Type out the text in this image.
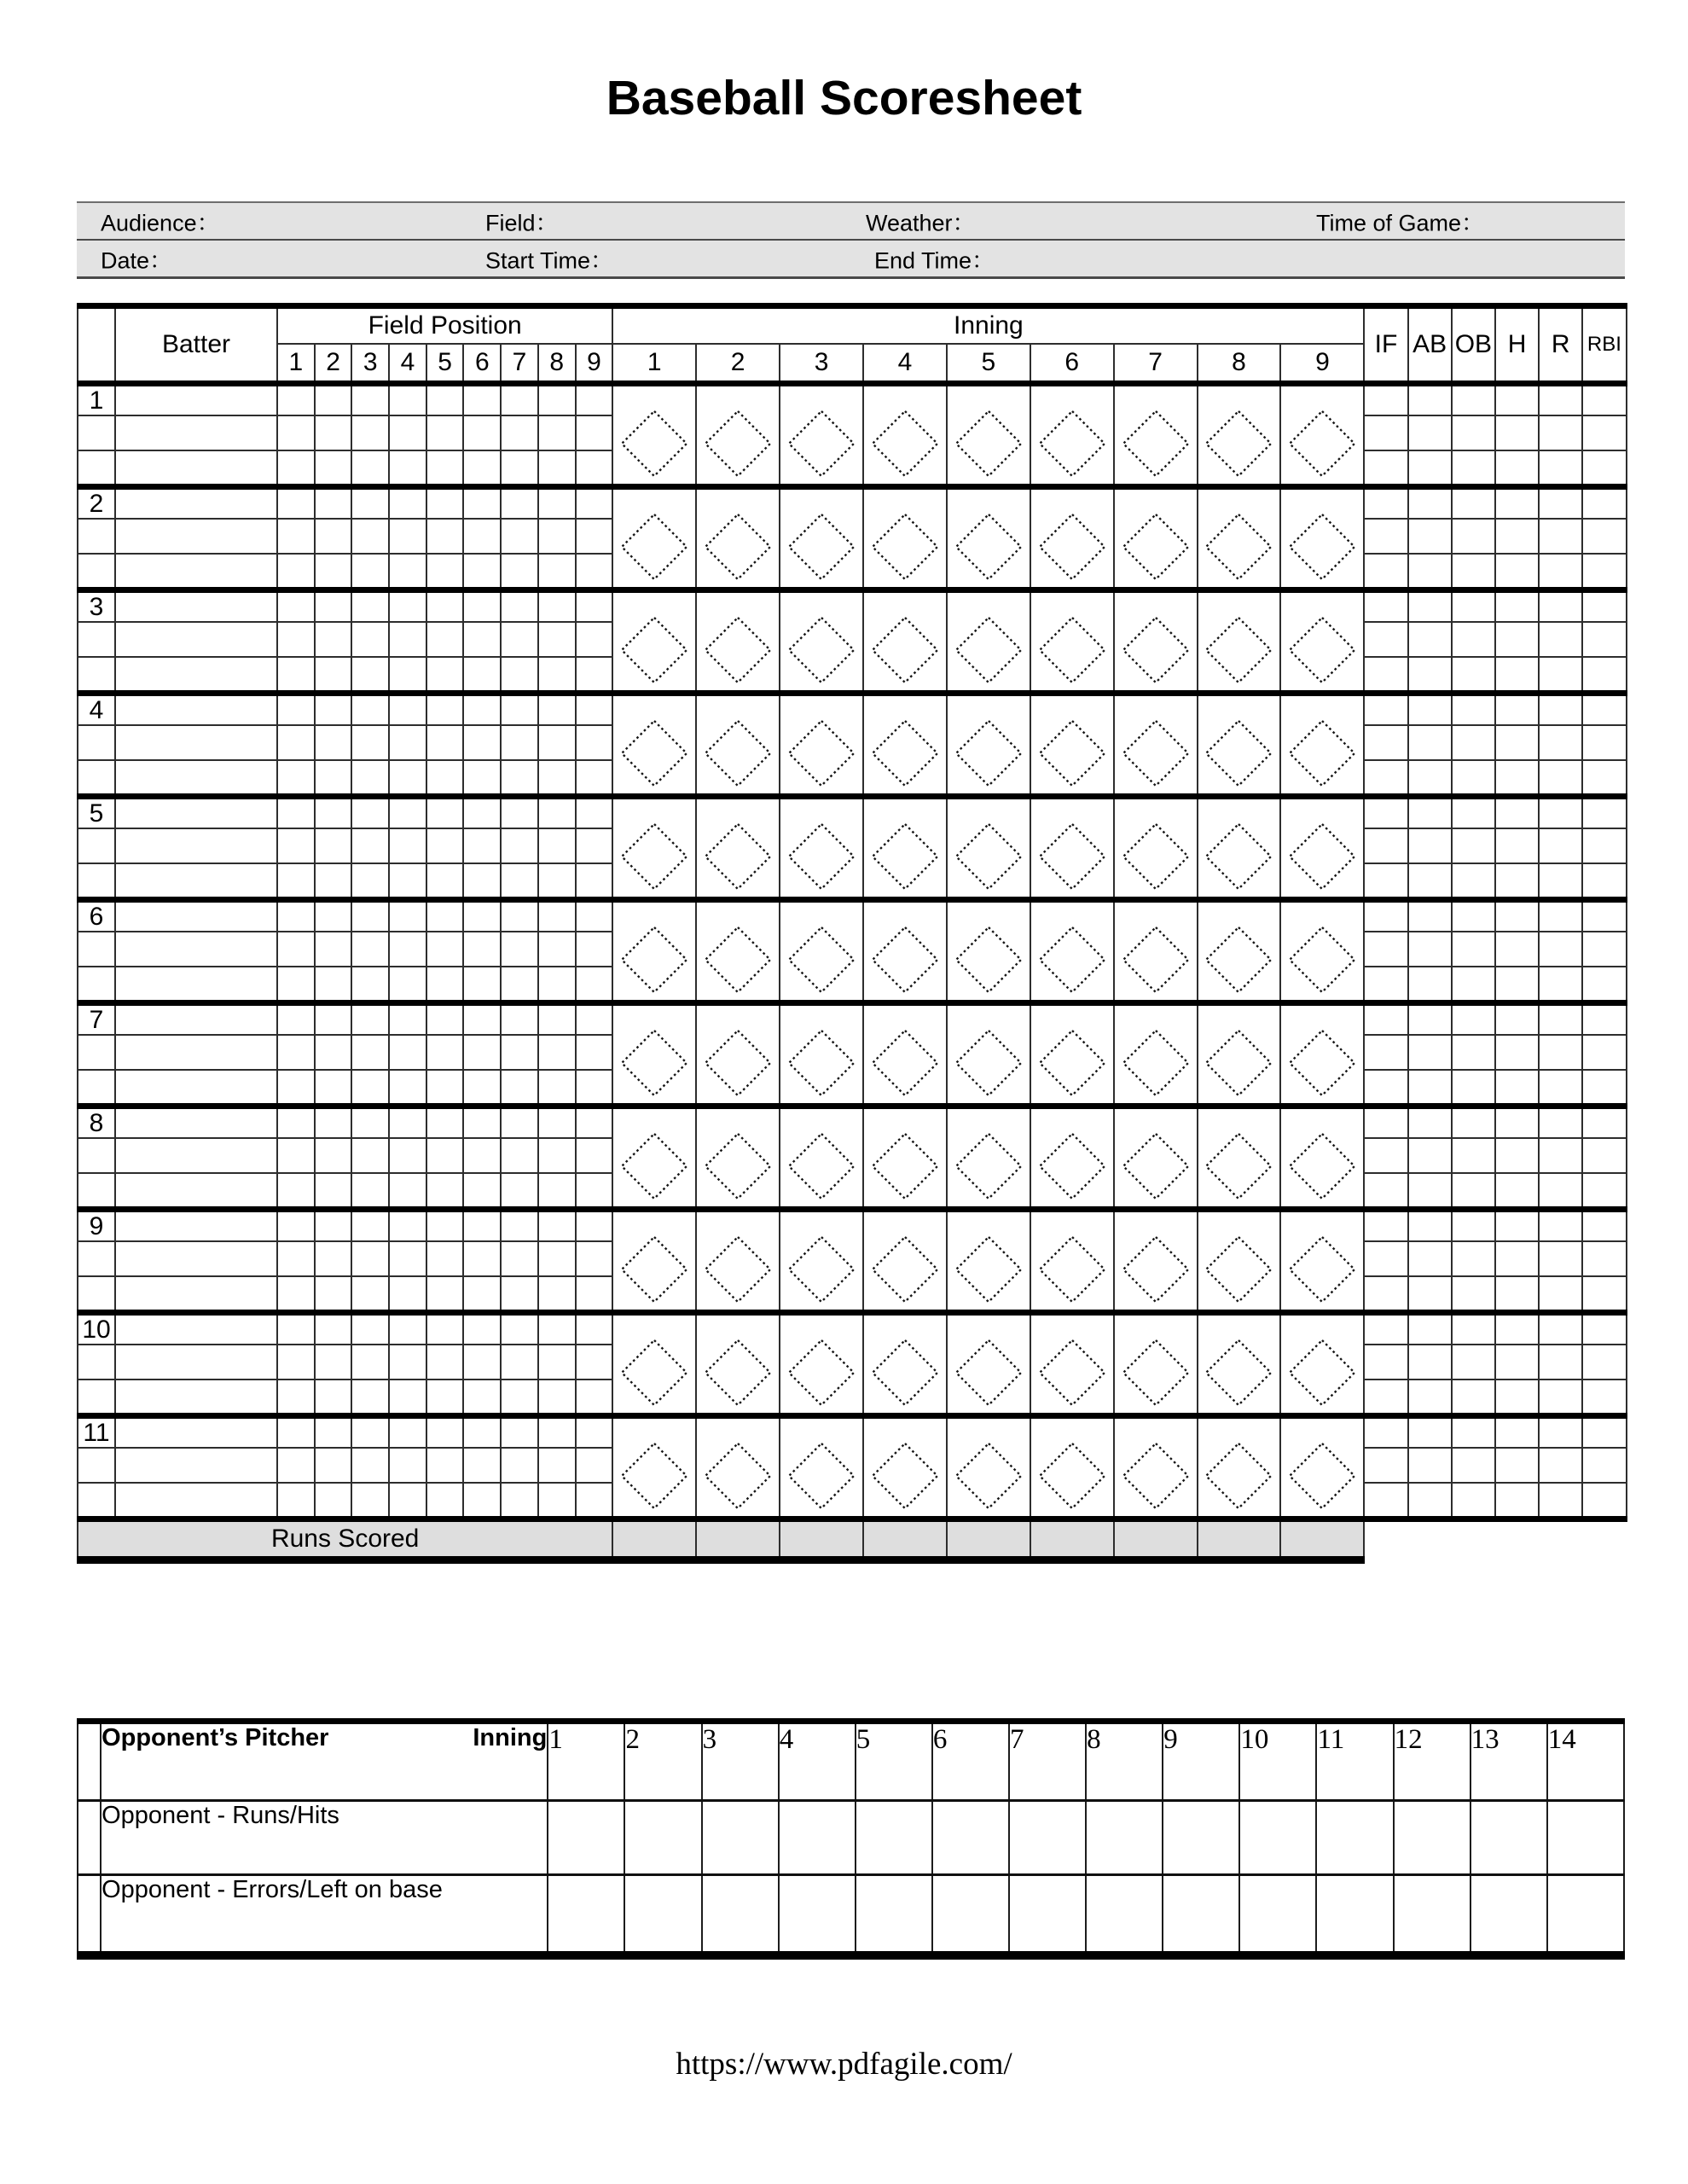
Baseball Scoresheet
Audience：	Field：	Weather：	Time of Game：
Date：	Start Time：	End Time：
	Batter	Field Position									Inning									IF	AB	OB	H	R	RBI
		1	2	3	4	5	6	7	8	9	1	2	3	4	5	6	7	8	9						
1											

2											

3											

4											

5											

6											

7											

8											

9											

10											

11											

Runs Scored																									

	Opponent’s Pitcher Inning	1	2	3	4	5	6	7	8	9	10	11	12	13	14
	Opponent - Runs/Hits														
	Opponent - Errors/Left on base														
https://www.pdfagile.com/
